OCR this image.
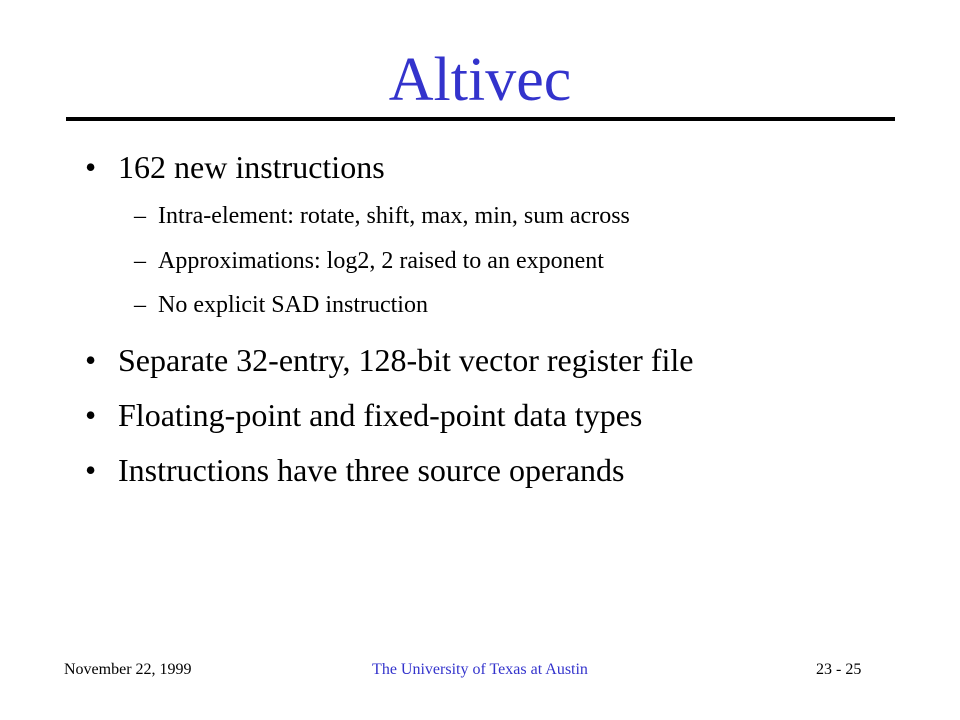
Altivec
• 162 new instructions
– Intra-element: rotate, shift, max, min, sum across
– Approximations: log2, 2 raised to an exponent
– No explicit SAD instruction
• Separate 32-entry, 128-bit vector register file
• Floating-point and fixed-point data types
• Instructions have three source operands
November 22, 1999	The University of Texas at Austin	23 - 25
